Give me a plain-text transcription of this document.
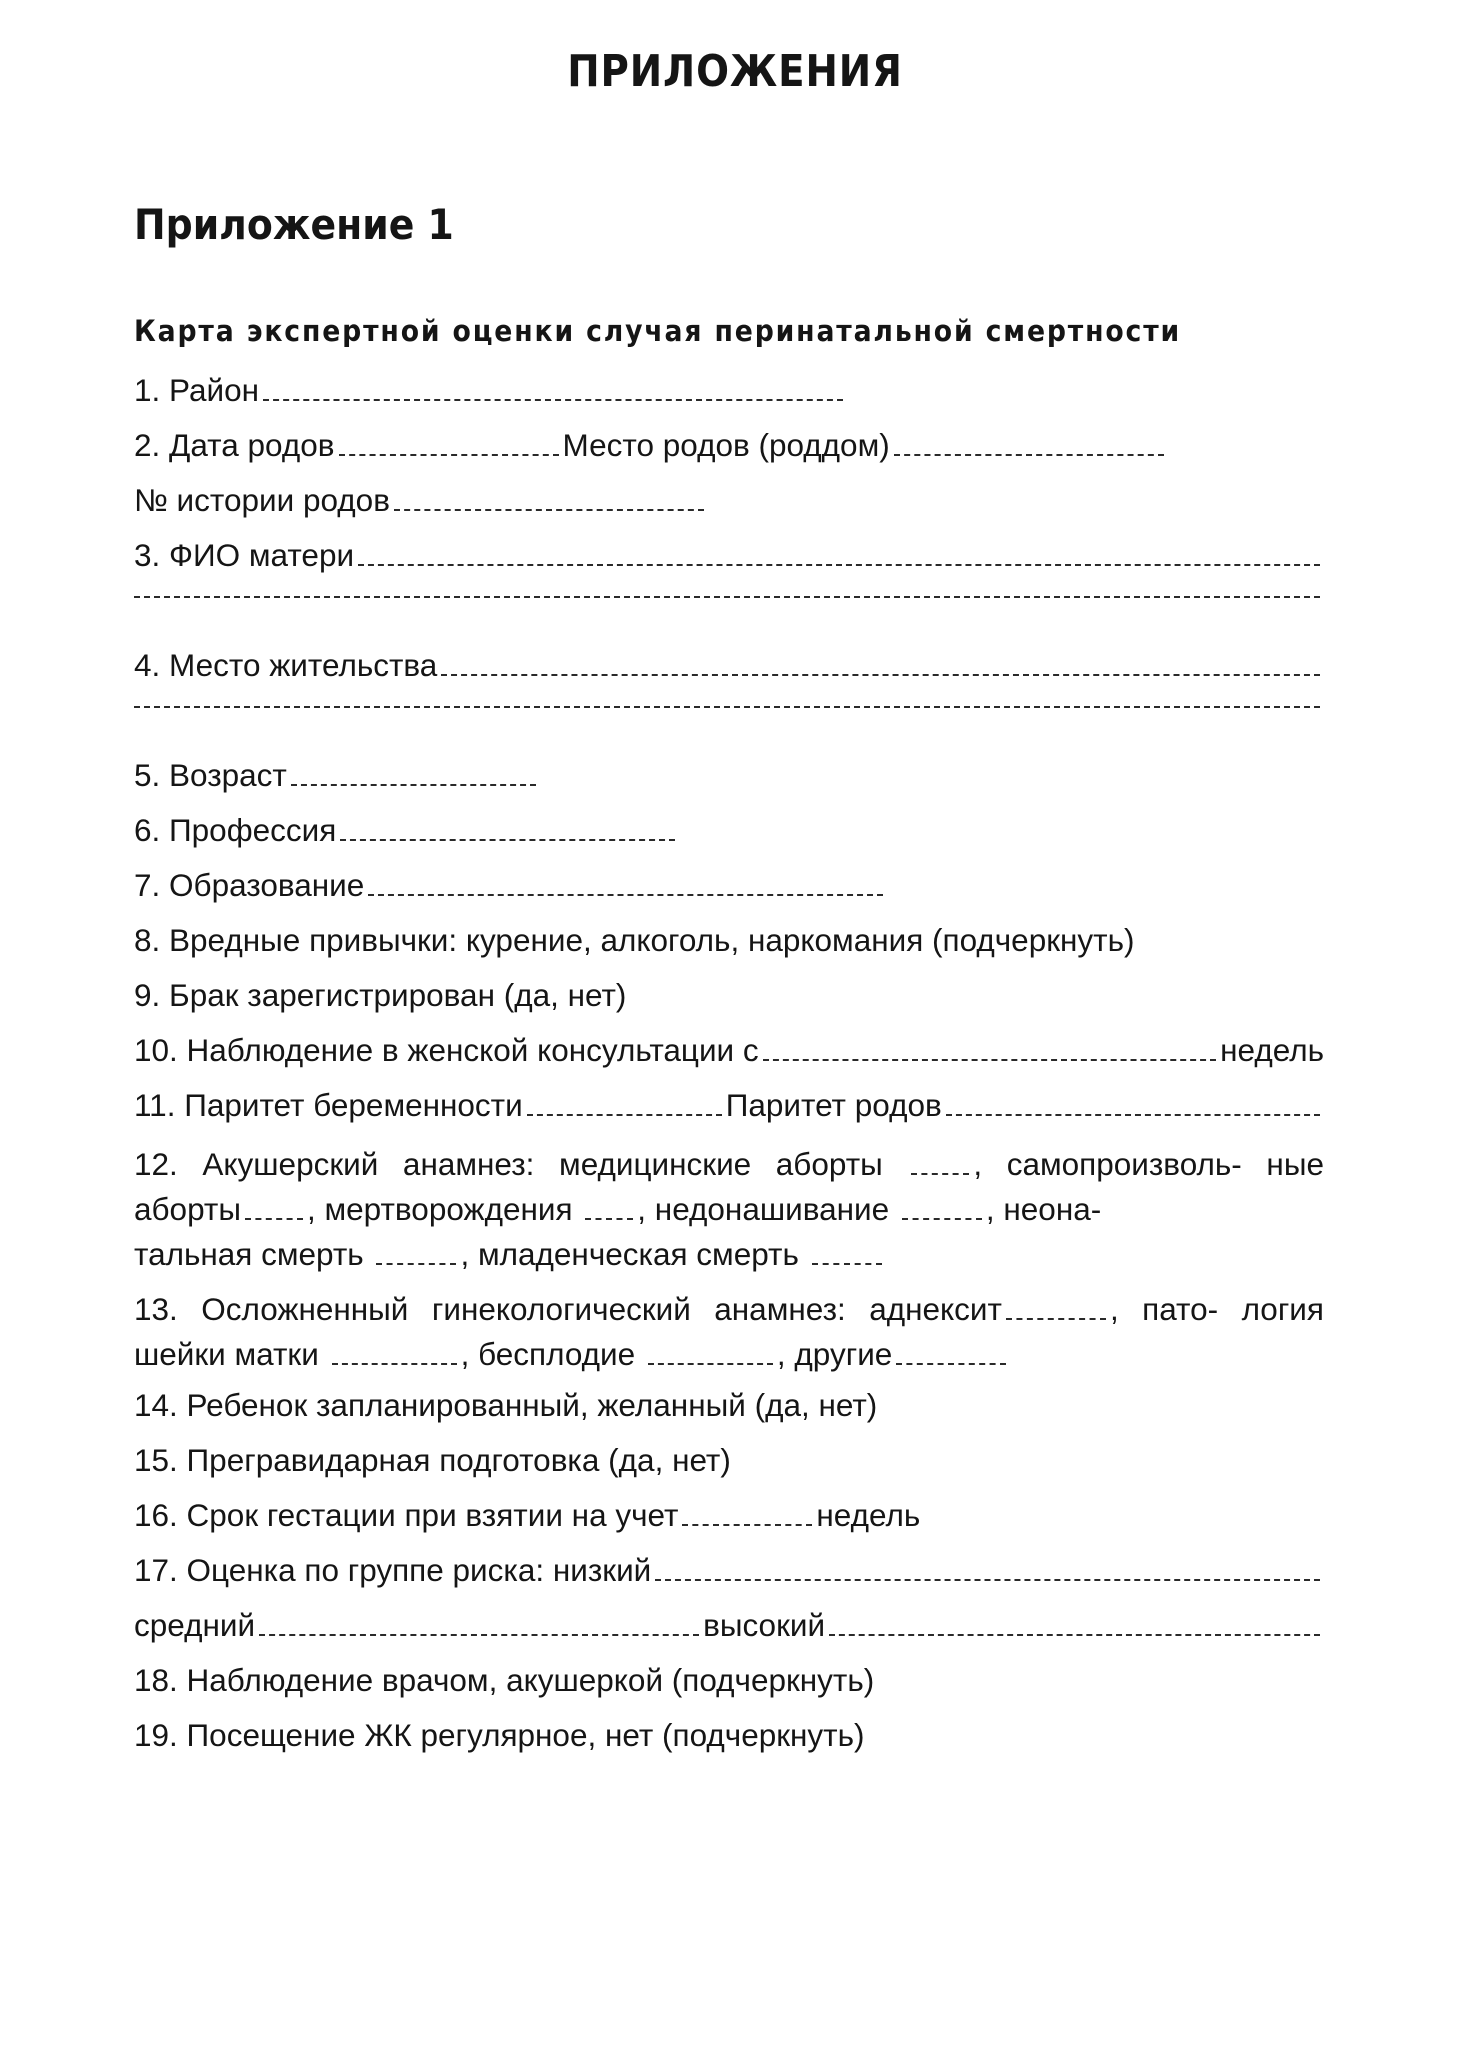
ПРИЛОЖЕНИЯ
Приложение 1
Карта экспертной оценки случая перинатальной смертности
1. Район
2. Дата родов	Место родов (роддом)
№ истории родов
3. ФИО матери
4. Место жительства
5. Возраст
6. Профессия
7. Образование
8. Вредные привычки: курение, алкоголь, наркомания (подчеркнуть)
9. Брак зарегистрирован (да, нет)
10. Наблюдение в женской консультации с	недель
11. Паритет беременности	Паритет родов
12. Акушерский анамнез: медицинские аборты	, самопроизволь- ные аборты , мертворождения , недонашивание	, неона-
тальная смерть	, младенческая смерть
13. Осложненный гинекологический анамнез: аднексит	, пато- логия шейки матки	, бесплодие	, другие

14. Ребенок запланированный, желанный (да, нет)
15. Прегравидарная подготовка (да, нет)
16. Срок гестации при взятии на учет	недель
17. Оценка по группе риска: низкий
средний	высокий
18. Наблюдение врачом, акушеркой (подчеркнуть)
19. Посещение ЖК регулярное, нет (подчеркнуть)
